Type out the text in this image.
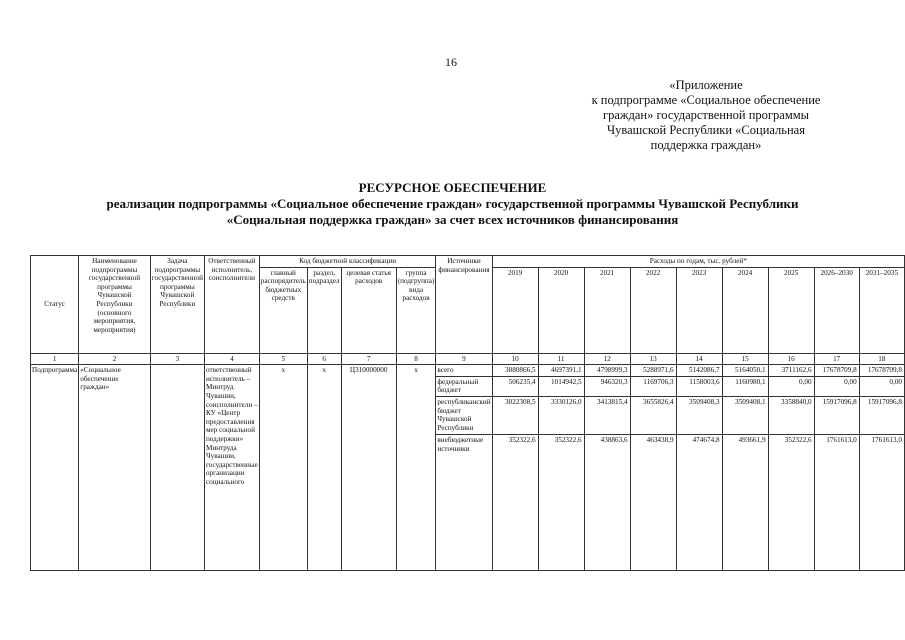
16
«Приложение
к подпрограмме «Социальное обеспечение
граждан» государственной программы
Чувашской Республики «Социальная
поддержка граждан»
РЕСУРСНОЕ ОБЕСПЕЧЕНИЕ
реализации подпрограммы «Социальное обеспечение граждан» государственной программы Чувашской Республики
«Социальная поддержка граждан» за счет всех источников финансирования
Статус	Наименование подпрограммы государственной программы Чувашской Республики (основного мероприятия, мероприятия)	Задача подпрограммы государственной программы Чувашской Республики	Ответственный исполнитель, соисполнители	Код бюджетной классификации				Источники финансирования	Расходы по годам, тыс. рублей*								
				главный распорядитель бюджетных средств	раздел, подраздел	целевая статья расходов	группа (подгруппа) вида расходов		2019	2020	2021	2022	2023	2024	2025	2026–2030	2031–2035
1	2	3	4	5	6	7	8	9	10	11	12	13	14	15	16	17	18
Подпрограмма	«Социальное обеспечение граждан»		ответственный исполнитель – Минтруд Чувашии, соисполнители – КУ «Центр предоставления мер социальной поддержки» Минтруда Чувашии, государственные организации социального	х	х	Ц310000000	х	всего	3880866,5	4697391,1	4798999,3	5288971,6	5142086,7	5164050,1	3711162,6	17678709,8	17678709,8
								федеральный бюджет	506235,4	1014942,5	946320,3	1169706,3	1158003,6	1160980,1	0,00	0,00	0,00
								республиканский бюджет Чувашской Республики	3022308,5	3330126,0	3413815,4	3655826,4	3509408,3	3509408,1	3358840,0	15917096,8	15917096,8
								внебюджетные источники	352322,6	352322,6	438863,6	463438,9	474674,8	493661,9	352322,6	1761613,0	1761613,0
